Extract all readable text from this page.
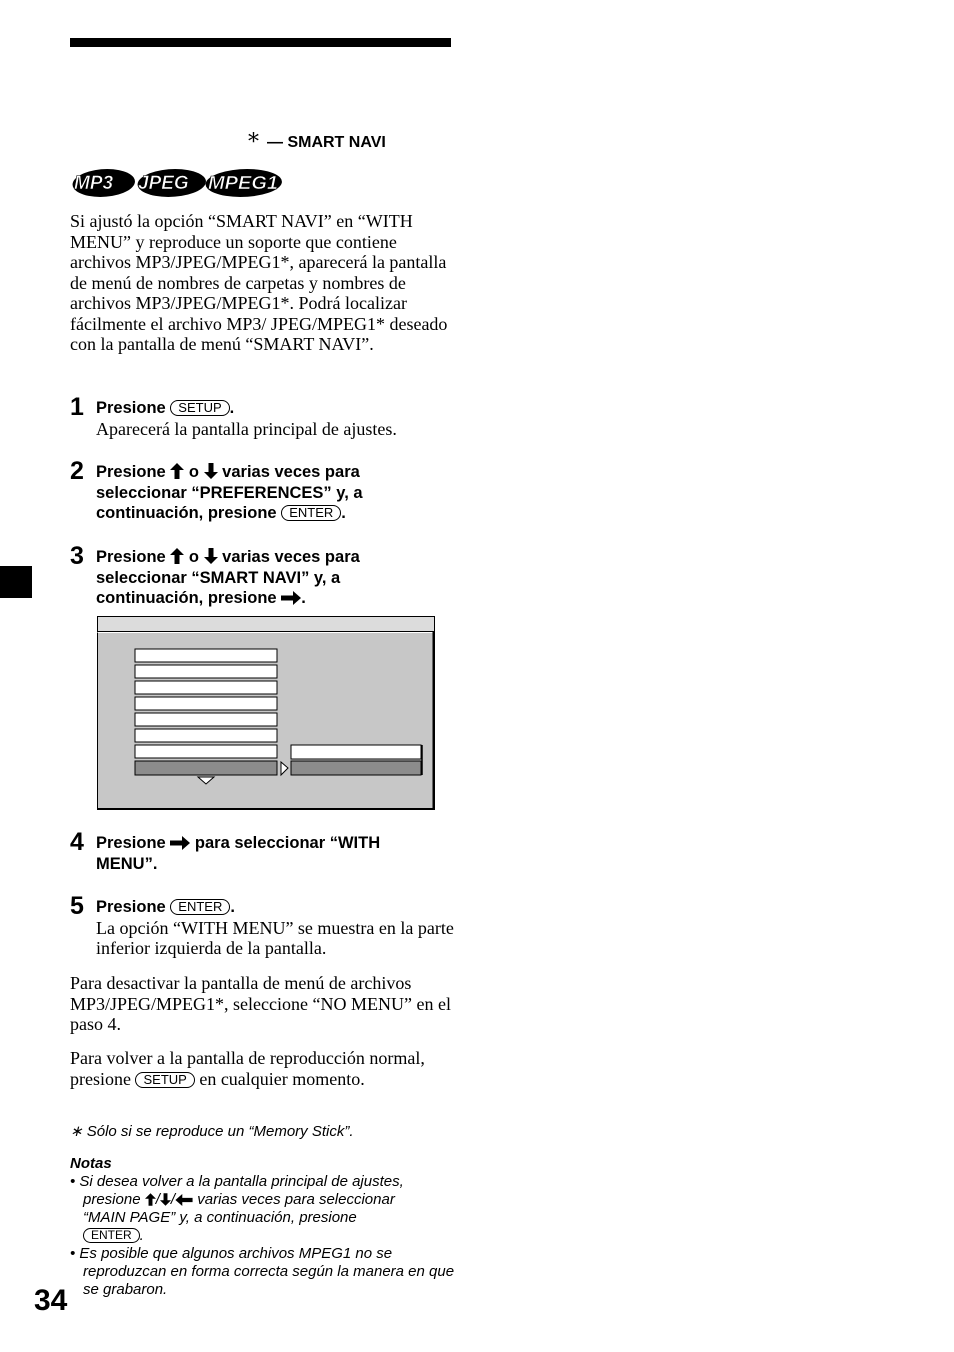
* — SMART NAVI
MP3 JPEG MPEG1
Si ajustó la opción “SMART NAVI” en “WITH MENU” y reproduce un soporte que contiene archivos MP3/JPEG/MPEG1*, aparecerá la pantalla de menú de nombres de carpetas y nombres de archivos MP3/JPEG/MPEG1*. Podrá localizar fácilmente el archivo MP3/ JPEG/MPEG1* deseado con la pantalla de menú “SMART NAVI”.
1 Presione SETUP .
Aparecerá la pantalla principal de ajustes.
2 Presione o varias veces para
seleccionar “PREFERENCES” y, a
continuación, presione ENTER .
3 Presione o varias veces para
seleccionar “SMART NAVI” y, a
continuación, presione .
4 Presione para seleccionar “WITH
MENU”.
5 Presione ENTER .
La opción “WITH MENU” se muestra en la parte inferior izquierda de la pantalla.
Para desactivar la pantalla de menú de archivos MP3/JPEG/MPEG1*, seleccione “NO MENU” en el paso 4.
Para volver a la pantalla de reproducción normal, presione SETUP en cualquier momento.
∗ Sólo si se reproduce un “Memory Stick”.
Notas
• Si desea volver a la pantalla principal de ajustes,
presione / / varias veces para seleccionar
“MAIN PAGE” y, a continuación, presione
ENTER .
• Es posible que algunos archivos MPEG1 no se reproduzcan en forma correcta según la manera en que se grabaron.
34
